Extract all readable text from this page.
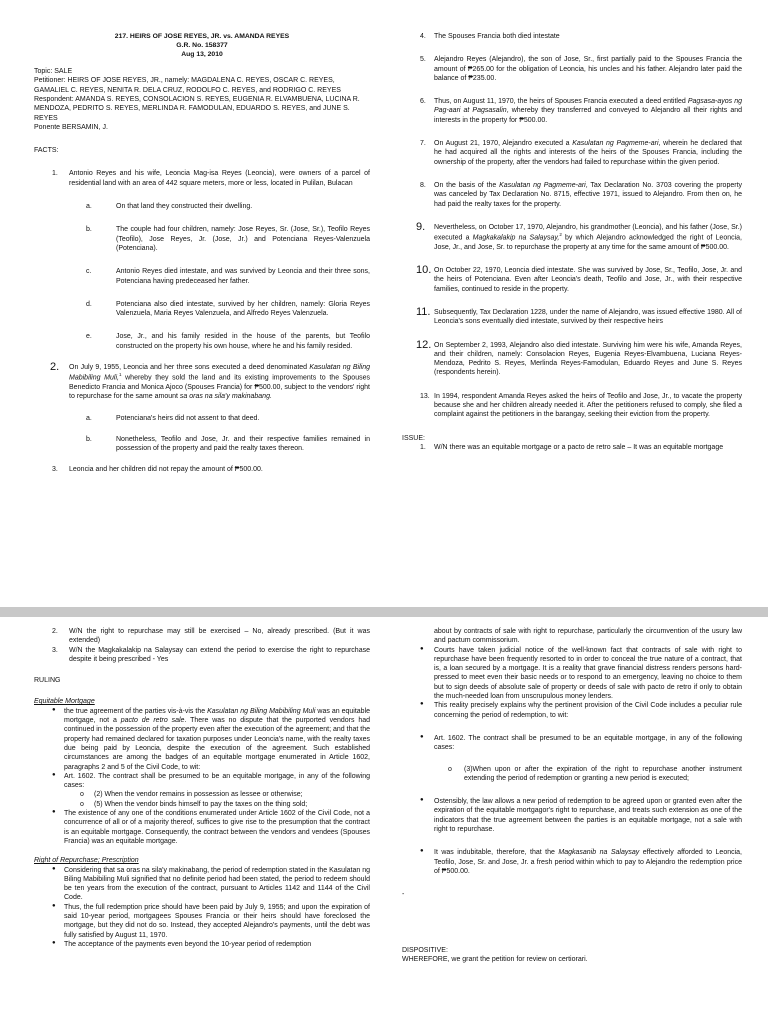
217. HEIRS OF JOSE REYES, JR. vs. AMANDA REYES

G.R. No. 158377

Aug 13, 2010

Topic: SALE

Petitioner: HEIRS OF JOSE REYES, JR., namely: MAGDALENA C. REYES, OSCAR C. REYES, GAMALIEL C. REYES, NENITA R. DELA CRUZ, RODOLFO C. REYES, and RODRIGO C. REYES

Respondent: AMANDA S. REYES, CONSOLACION S. REYES, EUGENIA R. ELVAMBUENA, LUCINA R. MENDOZA, PEDRITO S. REYES, MERLINDA R. FAMODULAN, EDUARDO S. REYES, and JUNE S. REYES

Ponente BERSAMIN, J.

FACTS:

1. Antonio Reyes and his wife, Leoncia Mag-isa Reyes (Leoncia), were owners of a parcel of residential land with an area of 442 square meters, more or less, located in Pulilan, Bulacan
a.	On that land they constructed their dwelling.
b.	The couple had four children, namely: Jose Reyes, Sr. (Jose, Sr.), Teofilo Reyes (Teofilo), Jose Reyes, Jr. (Jose, Jr.) and Potenciana Reyes-Valenzuela (Potenciana).
c.	Antonio Reyes died intestate, and was survived by Leoncia and their three sons, Potenciana having predeceased her father.
d.	Potenciana also died intestate, survived by her children, namely: Gloria Reyes Valenzuela, Maria Reyes Valenzuela, and Alfredo Reyes Valenzuela.
e.	Jose, Jr., and his family resided in the house of the parents, but Teofilo constructed on the property his own house, where he and his family resided.
2. On July 9, 1955, Leoncia and her three sons executed a deed denominated Kasulatan ng Biling Mabibiling Muli,$^1$ whereby they sold the land and its existing improvements to the Spouses Benedicto Francia and Monica Ajoco (Spouses Francia) for ₱500.00, subject to the vendors' right to repurchase for the same amount sa oras na sila'y makinabang.
a.	Potenciana's heirs did not assent to that deed.
b.	Nonetheless, Teofilo and Jose, Jr. and their respective families remained in possession of the property and paid the realty taxes thereon.
3. Leoncia and her children did not repay the amount of ₱500.00.
4. The Spouses Francia both died intestate
5. Alejandro Reyes (Alejandro), the son of Jose, Sr., first partially paid to the Spouses Francia the amount of ₱265.00 for the obligation of Leoncia, his uncles and his father. Alejandro later paid the balance of ₱235.00.
6. Thus, on August 11, 1970, the heirs of Spouses Francia executed a deed entitled Pagsasa-ayos ng Pag-aari at Pagsasalin, whereby they transferred and conveyed to Alejandro all their rights and interests in the property for ₱500.00.
7. On August 21, 1970, Alejandro executed a Kasulatan ng Pagmeme-ari, wherein he declared that he had acquired all the rights and interests of the heirs of the Spouses Francia, including the ownership of the property, after the vendors had failed to repurchase within the given period.
8. On the basis of the Kasulatan ng Pagmeme-ari, Tax Declaration No. 3703 covering the property was canceled by Tax Declaration No. 8715, effective 1971, issued to Alejandro. From then on, he had paid the realty taxes for the property.
9. Nevertheless, on October 17, 1970, Alejandro, his grandmother (Leoncia), and his father (Jose, Sr.) executed a Magkakalakip na Salaysay,$^2$ by which Alejandro acknowledged the right of Leoncia, Jose, Jr., and Jose, Sr. to repurchase the property at any time for the same amount of ₱500.00.
10. On October 22, 1970, Leoncia died intestate. She was survived by Jose, Sr., Teofilo, Jose, Jr. and the heirs of Potenciana. Even after Leoncia's death, Teofilo and Jose, Jr., with their respective families, continued to reside in the property.
11. Subsequently, Tax Declaration 1228, under the name of Alejandro, was issued effective 1980. All of Leoncia's sons eventually died intestate, survived by their respective heirs
12. On September 2, 1993, Alejandro also died intestate. Surviving him were his wife, Amanda Reyes, and their children, namely: Consolacion Reyes, Eugenia Reyes-Elvambuena, Luciana Reyes-Mendoza, Pedrito S. Reyes, Merlinda Reyes-Famodulan, Eduardo Reyes and June S. Reyes (respondents herein).
13. In 1994, respondent Amanda Reyes asked the heirs of Teofilo and Jose, Jr., to vacate the property because she and her children already needed it. After the petitioners refused to comply, she filed a complaint against the petitioners in the barangay, seeking their eviction from the property.

ISSUE:

1. W/N there was an equitable mortgage or a pacto de retro sale – It was an equitable mortgage
2. W/N the right to repurchase may still be exercised – No, already prescribed. (But it was extended)
3. W/N the Magkakalakip na Salaysay can extend the period to exercise the right to repurchase despite it being prescribed - Yes

RULING

Equitable Mortgage

● the true agreement of the parties vis-à-vis the Kasulatan ng Biling Mabibiling Muli was an equitable mortgage, not a pacto de retro sale. There was no dispute that the purported vendors had continued in the possession of the property even after the execution of the agreement; and that the property had remained declared for taxation purposes under Leoncia's name, with the realty taxes due being paid by Leoncia, despite the execution of the agreement. Such established circumstances are among the badges of an equitable mortgage enumerated in Article 1602, paragraphs 2 and 5 of the Civil Code, to wit:
● Art. 1602. The contract shall be presumed to be an equitable mortgage, in any of the following cases:
o (2) When the vendor remains in possession as lessee or otherwise;
o (5) When the vendor binds himself to pay the taxes on the thing sold;
● The existence of any one of the conditions enumerated under Article 1602 of the Civil Code, not a concurrence of all or of a majority thereof, suffices to give rise to the presumption that the contract is an equitable mortgage. Consequently, the contract between the vendors and vendees (Spouses Francia) was an equitable mortgage.

Right of Repurchase; Prescription

● Considering that sa oras na sila'y makinabang, the period of redemption stated in the Kasulatan ng Biling Mabibiling Muli signified that no definite period had been stated, the period to redeem should be ten years from the execution of the contract, pursuant to Articles 1142 and 1144 of the Civil Code.
● Thus, the full redemption price should have been paid by July 9, 1955; and upon the expiration of said 10-year period, mortgagees Spouses Francia or their heirs should have foreclosed the mortgage, but they did not do so. Instead, they accepted Alejandro's payments, until the debt was fully satisfied by August 11, 1970.
● The acceptance of the payments even beyond the 10-year period of redemption

about by contracts of sale with right to repurchase, particularly the circumvention of the usury law and pactum commissorium.

● Courts have taken judicial notice of the well-known fact that contracts of sale with right to repurchase have been frequently resorted to in order to conceal the true nature of a contract, that is, a loan secured by a mortgage. It is a reality that grave financial distress renders persons hard-pressed to meet even their basic needs or to respond to an emergency, leaving no choice to them but to sign deeds of absolute sale of property or deeds of sale with pacto de retro if only to obtain the much-needed loan from unscrupulous money lenders.
● This reality precisely explains why the pertinent provision of the Civil Code includes a peculiar rule concerning the period of redemption, to wit:
● Art. 1602. The contract shall be presumed to be an equitable mortgage, in any of the following cases:
o (3)When upon or after the expiration of the right to repurchase another instrument extending the period of redemption or granting a new period is executed;
● Ostensibly, the law allows a new period of redemption to be agreed upon or granted even after the expiration of the equitable mortgagor's right to repurchase, and treats such extension as one of the indicators that the true agreement between the parties is an equitable mortgage, not a sale with right to repurchase.
● It was indubitable, therefore, that the Magkasanib na Salaysay effectively afforded to Leoncia, Teofilo, Jose, Sr. and Jose, Jr. a fresh period within which to pay to Alejandro the redemption price of ₱500.00.

-

DISPOSITIVE:

WHEREFORE, we grant the petition for review on certiorari.
